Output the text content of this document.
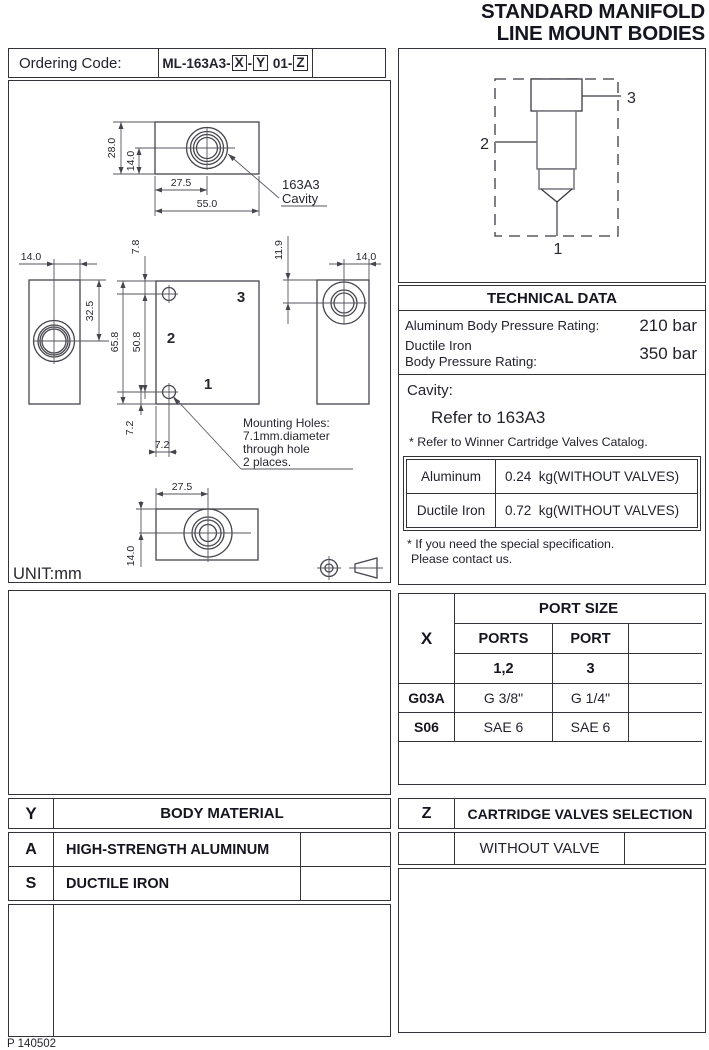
STANDARD MANIFOLD
LINE MOUNT BODIES
Ordering Code:	ML-163A3- X - Y
01- Z
28.0
14.0
27.5
55.0
14.0
32.5
7.8
65.8 50.8
11.9	14.0
7.2
7.2
27.5
14.0
3
2
1
163A3
Cavity
Mounting Holes:
7.1mm.diameter
through hole
2 places.
UNIT:mm
2
3
1
TECHNICAL DATA
Aluminum Body Pressure Rating: 210 bar
Ductile Iron
Body Pressure Rating:	350 bar
Cavity:
Refer to 163A3
* Refer to Winner Cartridge Valves Catalog.
Aluminum	0.24 kg(WITHOUT VALVES)
Ductile Iron	0.72 kg(WITHOUT VALVES)
* If you need the special specification.
Please contact us.
X
PORT SIZE
PORTS	PORT
1,2	3
G03A	G 3/8"	G 1/4"
S06	SAE 6	SAE 6
Y	BODY MATERIAL
A	HIGH-STRENGTH ALUMINUM
S	DUCTILE IRON
Z	CARTRIDGE VALVES SELECTION
WITHOUT VALVE
P 140502
